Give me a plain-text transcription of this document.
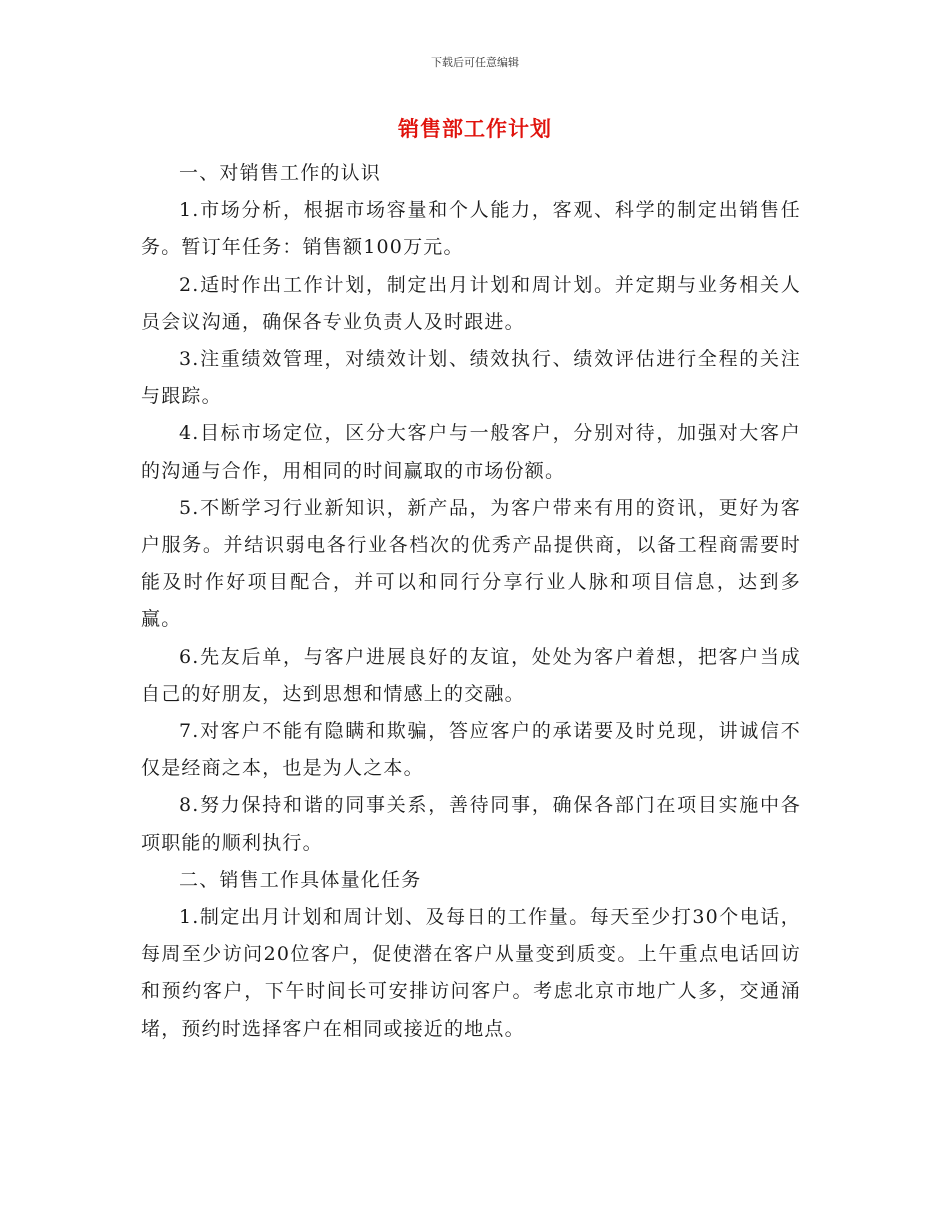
下载后可任意编辑
销售部工作计划

一、对销售工作的认识

1.市场分析，根据市场容量和个人能力，客观、科学的制定出销售任务。暂订年任务：销售额100万元。

2.适时作出工作计划，制定出月计划和周计划。并定期与业务相关人员会议沟通，确保各专业负责人及时跟进。

3.注重绩效管理，对绩效计划、绩效执行、绩效评估进行全程的关注与跟踪。

4.目标市场定位，区分大客户与一般客户，分别对待，加强对大客户的沟通与合作，用相同的时间赢取的市场份额。

5.不断学习行业新知识，新产品，为客户带来有用的资讯，更好为客户服务。并结识弱电各行业各档次的优秀产品提供商，以备工程商需要时能及时作好项目配合，并可以和同行分享行业人脉和项目信息，达到多赢。

6.先友后单，与客户进展良好的友谊，处处为客户着想，把客户当成自己的好朋友，达到思想和情感上的交融。

7.对客户不能有隐瞒和欺骗，答应客户的承诺要及时兑现，讲诚信不仅是经商之本，也是为人之本。

8.努力保持和谐的同事关系，善待同事，确保各部门在项目实施中各项职能的顺利执行。

二、销售工作具体量化任务

1.制定出月计划和周计划、及每日的工作量。每天至少打30个电话，每周至少访问20位客户，促使潜在客户从量变到质变。上午重点电话回访和预约客户，下午时间长可安排访问客户。考虑北京市地广人多，交通涌堵，预约时选择客户在相同或接近的地点。
